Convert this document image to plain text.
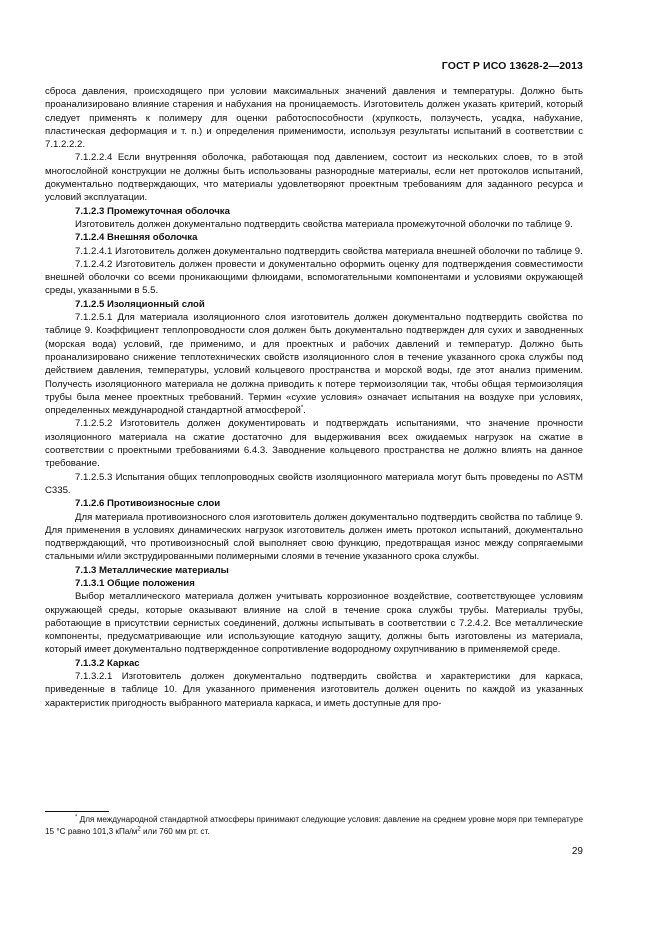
ГОСТ Р ИСО 13628-2—2013

сброса давления, происходящего при условии максимальных значений давления и температуры. Должно быть проанализировано влияние старения и набухания на проницаемость. Изготовитель должен указать критерий, который следует применять к полимеру для оценки работоспособности (хрупкость, ползучесть, усадка, набухание, пластическая деформация и т. п.) и определения применимости, используя результаты испытаний в соответствии с 7.1.2.2.2.

7.1.2.2.4 Если внутренняя оболочка, работающая под давлением, состоит из нескольких слоев, то в этой многослойной конструкции не должны быть использованы разнородные материалы, если нет протоколов испытаний, документально подтверждающих, что материалы удовлетворяют проектным требованиям для заданного ресурса и условий эксплуатации.

7.1.2.3 Промежуточная оболочка

Изготовитель должен документально подтвердить свойства материала промежуточной оболочки по таблице 9.

7.1.2.4 Внешняя оболочка

7.1.2.4.1 Изготовитель должен документально подтвердить свойства материала внешней оболочки по таблице 9.

7.1.2.4.2 Изготовитель должен провести и документально оформить оценку для подтверждения совместимости внешней оболочки со всеми проникающими флюидами, вспомогательными компонентами и условиями окружающей среды, указанными в 5.5.

7.1.2.5 Изоляционный слой

7.1.2.5.1 Для материала изоляционного слоя изготовитель должен документально подтвердить свойства по таблице 9. Коэффициент теплопроводности слоя должен быть документально подтвержден для сухих и заводненных (морская вода) условий, где применимо, и для проектных и рабочих давлений и температур. Должно быть проанализировано снижение теплотехнических свойств изоляционного слоя в течение указанного срока службы под действием давления, температуры, условий кольцевого пространства и морской воды, где этот анализ применим. Получесть изоляционного материала не должна приводить к потере термоизоляции так, чтобы общая термоизоляция трубы была менее проектных требований. Термин «сухие условия» означает испытания на воздухе при условиях, определенных международной стандартной атмосферой*.

7.1.2.5.2 Изготовитель должен документировать и подтверждать испытаниями, что значение прочности изоляционного материала на сжатие достаточно для выдерживания всех ожидаемых нагрузок на сжатие в соответствии с проектными требованиями 6.4.3. Заводнение кольцевого пространства не должно влиять на данное требование.

7.1.2.5.3 Испытания общих теплопроводных свойств изоляционного материала могут быть проведены по ASTM C335.

7.1.2.6 Противоизносные слои

Для материала противоизносного слоя изготовитель должен документально подтвердить свойства по таблице 9. Для применения в условиях динамических нагрузок изготовитель должен иметь протокол испытаний, документально подтверждающий, что противоизносный слой выполняет свою функцию, предотвращая износ между сопрягаемыми стальными и/или экструдированными полимерными слоями в течение указанного срока службы.

7.1.3 Металлические материалы

7.1.3.1 Общие положения

Выбор металлического материала должен учитывать коррозионное воздействие, соответствующее условиям окружающей среды, которые оказывают влияние на слой в течение срока службы трубы. Материалы трубы, работающие в присутствии сернистых соединений, должны испытывать в соответствии с 7.2.4.2. Все металлические компоненты, предусматривающие или использующие катодную защиту, должны быть изготовлены из материала, который имеет документально подтвержденное сопротивление водородному охрупчиванию в применяемой среде.

7.1.3.2 Каркас

7.1.3.2.1 Изготовитель должен документально подтвердить свойства и характеристики для каркаса, приведенные в таблице 10. Для указанного применения изготовитель должен оценить по каждой из указанных характеристик пригодность выбранного материала каркаса, и иметь доступные для про-

* Для международной стандартной атмосферы принимают следующие условия: давление на среднем уровне моря при температуре 15 °С равно 101,3 кПа/$м^2$ или 760 мм рт. ст.

29
